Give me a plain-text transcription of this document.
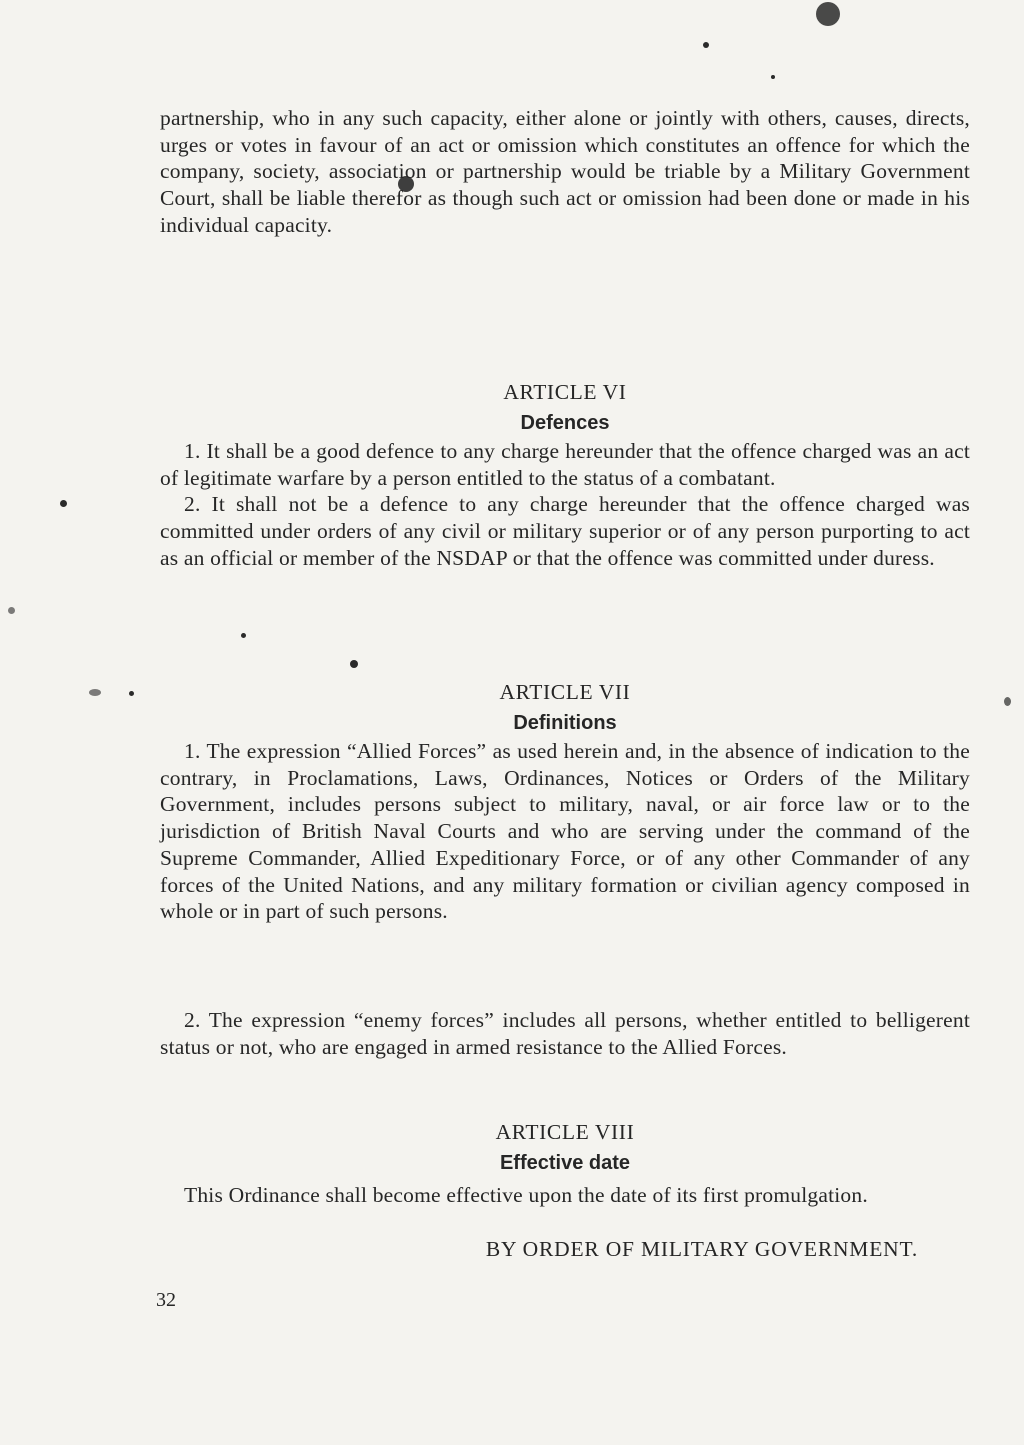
partnership, who in any such capacity, either alone or jointly with others, causes, directs, urges or votes in favour of an act or omission which constitutes an offence for which the company, society, association or partnership would be triable by a Military Government Court, shall be liable therefor as though such act or omission had been done or made in his individual capacity.

ARTICLE VI
Defences

1. It shall be a good defence to any charge hereunder that the offence charged was an act of legitimate warfare by a person entitled to the status of a combatant.

2. It shall not be a defence to any charge hereunder that the offence charged was committed under orders of any civil or military superior or of any person purporting to act as an official or member of the NSDAP or that the offence was committed under duress.

ARTICLE VII
Definitions

1. The expression “Allied Forces” as used herein and, in the absence of indication to the contrary, in Proclamations, Laws, Ordinances, Notices or Orders of the Military Government, includes persons subject to military, naval, or air force law or to the jurisdiction of British Naval Courts and who are serving under the command of the Supreme Commander, Allied Expeditionary Force, or of any other Commander of any forces of the United Nations, and any military formation or civilian agency composed in whole or in part of such persons.

2. The expression “enemy forces” includes all persons, whether entitled to belligerent status or not, who are engaged in armed resistance to the Allied Forces.

ARTICLE VIII
Effective date

This Ordinance shall become effective upon the date of its first promulgation.

BY ORDER OF MILITARY GOVERNMENT.
32
